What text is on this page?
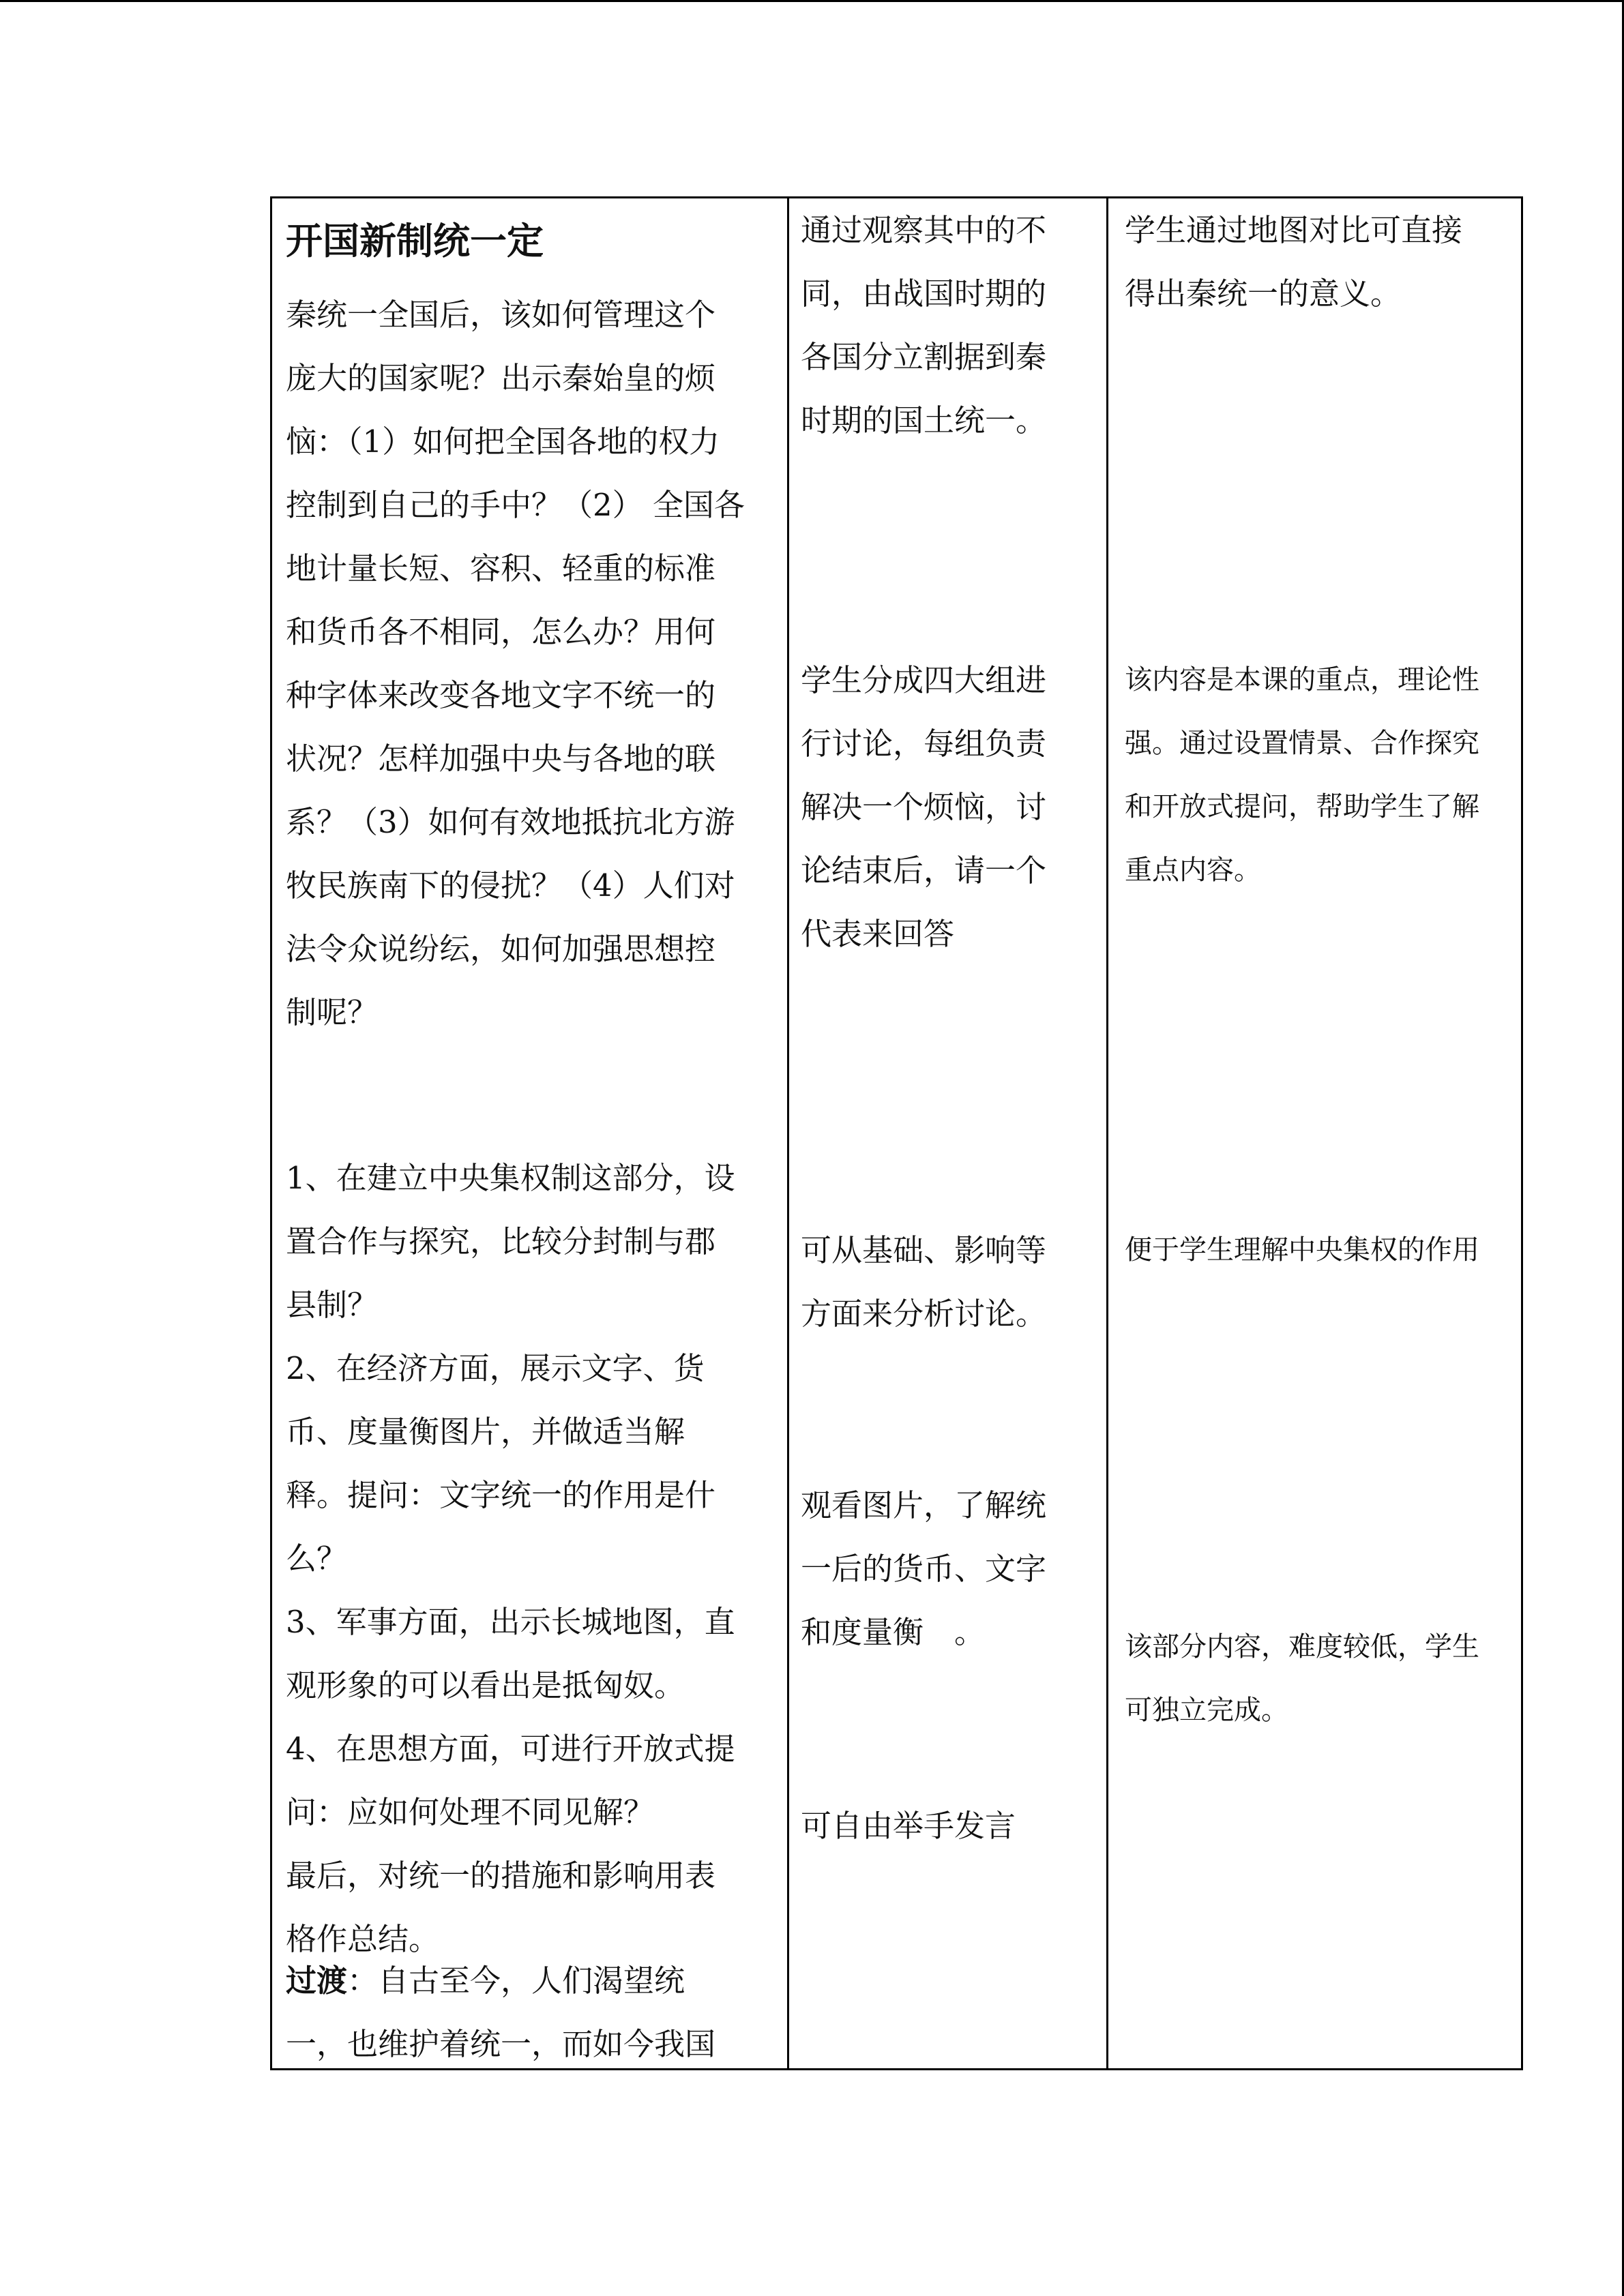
开国新制统一定

秦统一全国后，该如何管理这个
庞大的国家呢？出示秦始皇的烦
恼：（1）如何把全国各地的权力
控制到自己的手中？（2） 全国各
地计量长短、容积、轻重的标准
和货币各不相同，怎么办？用何
种字体来改变各地文字不统一的
状况？怎样加强中央与各地的联
系？（3）如何有效地抵抗北方游
牧民族南下的侵扰？（4）人们对
法令众说纷纭，如何加强思想控
制呢？

1、在建立中央集权制这部分，设
置合作与探究，比较分封制与郡
县制？
2、在经济方面，展示文字、货
币、度量衡图片，并做适当解
释。提问：文字统一的作用是什
么？
3、军事方面，出示长城地图，直
观形象的可以看出是抵匈奴。
4、在思想方面，可进行开放式提
问：应如何处理不同见解？
最后，对统一的措施和影响用表
格作总结。

过渡：自古至今，人们渴望统
一，也维护着统一，而如今我国

通过观察其中的不
同，由战国时期的
各国分立割据到秦
时期的国土统一。

学生分成四大组进
行讨论，每组负责
解决一个烦恼，讨
论结束后，请一个
代表来回答

可从基础、影响等
方面来分析讨论。

观看图片，了解统
一后的货币、文字
和度量衡　。

可自由举手发言

学生通过地图对比可直接
得出秦统一的意义。

该内容是本课的重点，理论性
强。通过设置情景、合作探究
和开放式提问，帮助学生了解
重点内容。

便于学生理解中央集权的作用

该部分内容，难度较低，学生
可独立完成。
